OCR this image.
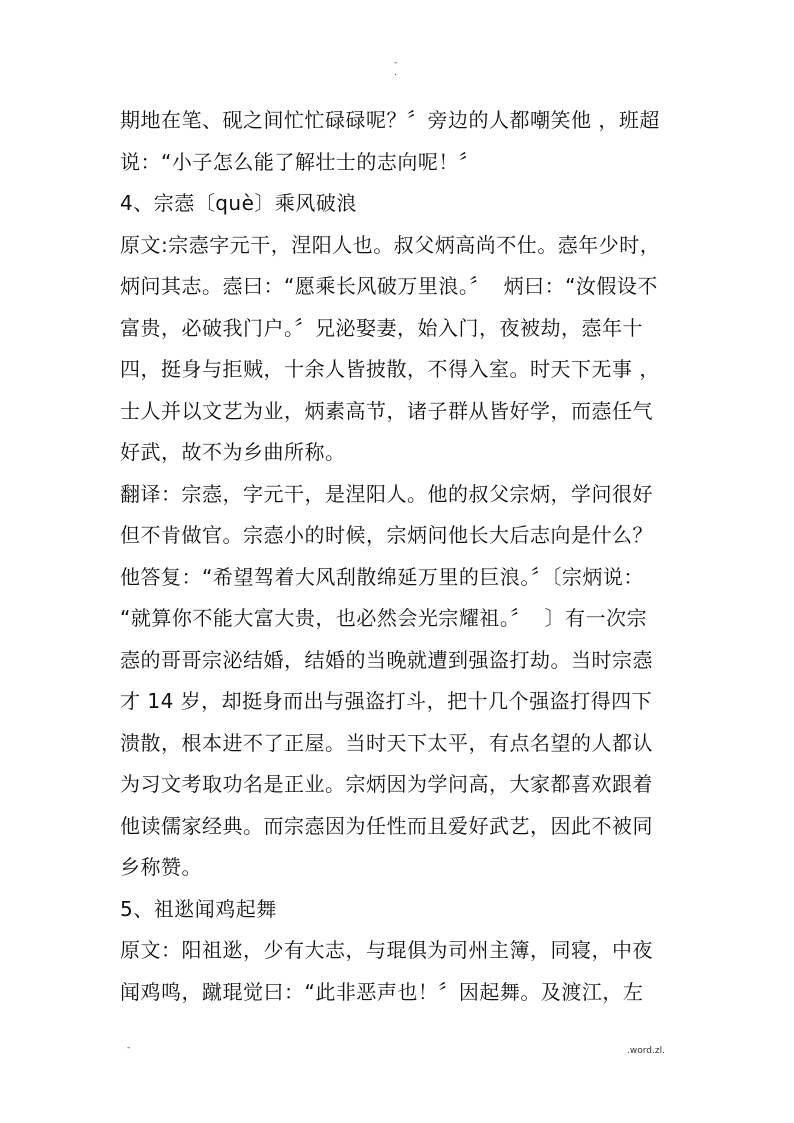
-
.
期地在笔、砚之间忙忙碌碌呢？〞旁边的人都嘲笑他 ，班超
说：“小子怎么能了解壮士的志向呢！〞
4、宗悫〔què〕乘风破浪
原文:宗悫字元干，涅阳人也。叔父炳高尚不仕。悫年少时，
炳问其志。悫曰：“愿乘长风破万里浪。〞  炳曰：“汝假设不
富贵，必破我门户。〞兄泌娶妻，始入门，夜被劫，悫年十
四，挺身与拒贼，十余人皆披散，不得入室。时天下无事 ，
士人并以文艺为业，炳素高节，诸子群从皆好学，而悫任气
好武，故不为乡曲所称。
翻译：宗悫，字元干，是涅阳人。他的叔父宗炳，学问很好
但不肯做官。宗悫小的时候，宗炳问他长大后志向是什么？
他答复：“希望驾着大风刮散绵延万里的巨浪。〞〔宗炳说：
“就算你不能大富大贵，也必然会光宗耀祖。〞  〕有一次宗
悫的哥哥宗泌结婚，结婚的当晚就遭到强盗打劫。当时宗悫
才 14 岁，却挺身而出与强盗打斗，把十几个强盗打得四下
溃散，根本进不了正屋。当时天下太平，有点名望的人都认
为习文考取功名是正业。宗炳因为学问高，大家都喜欢跟着
他读儒家经典。而宗悫因为任性而且爱好武艺，因此不被同
乡称赞。
5、祖逖闻鸡起舞
原文：阳祖逖，少有大志，与琨俱为司州主簿，同寝，中夜
闻鸡鸣，蹴琨觉曰：“此非恶声也！〞因起舞。及渡江，左
-	.word.zl.
